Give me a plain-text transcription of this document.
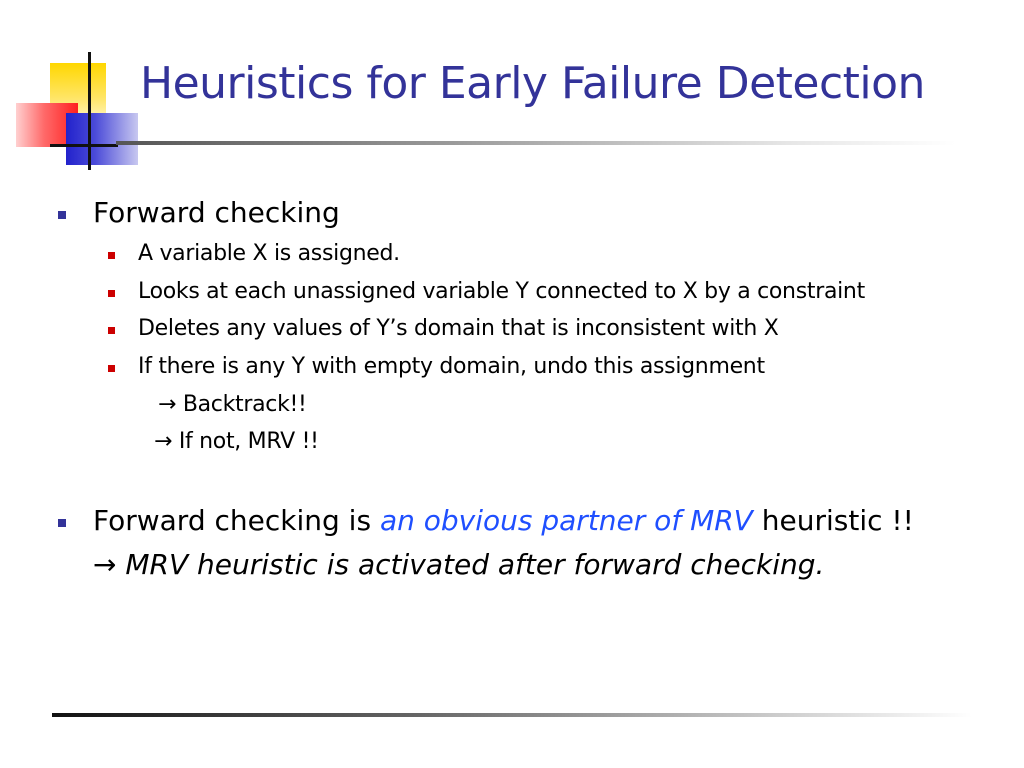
Heuristics for Early Failure Detection
Forward checking
A variable X is assigned.
Looks at each unassigned variable Y connected to X by a constraint
Deletes any values of Y’s domain that is inconsistent with X
If there is any Y with empty domain, undo this assignment
→ Backtrack!!
→ If not, MRV !!
Forward checking is an obvious partner of MRV heuristic !!
→ MRV heuristic is activated after forward checking.
